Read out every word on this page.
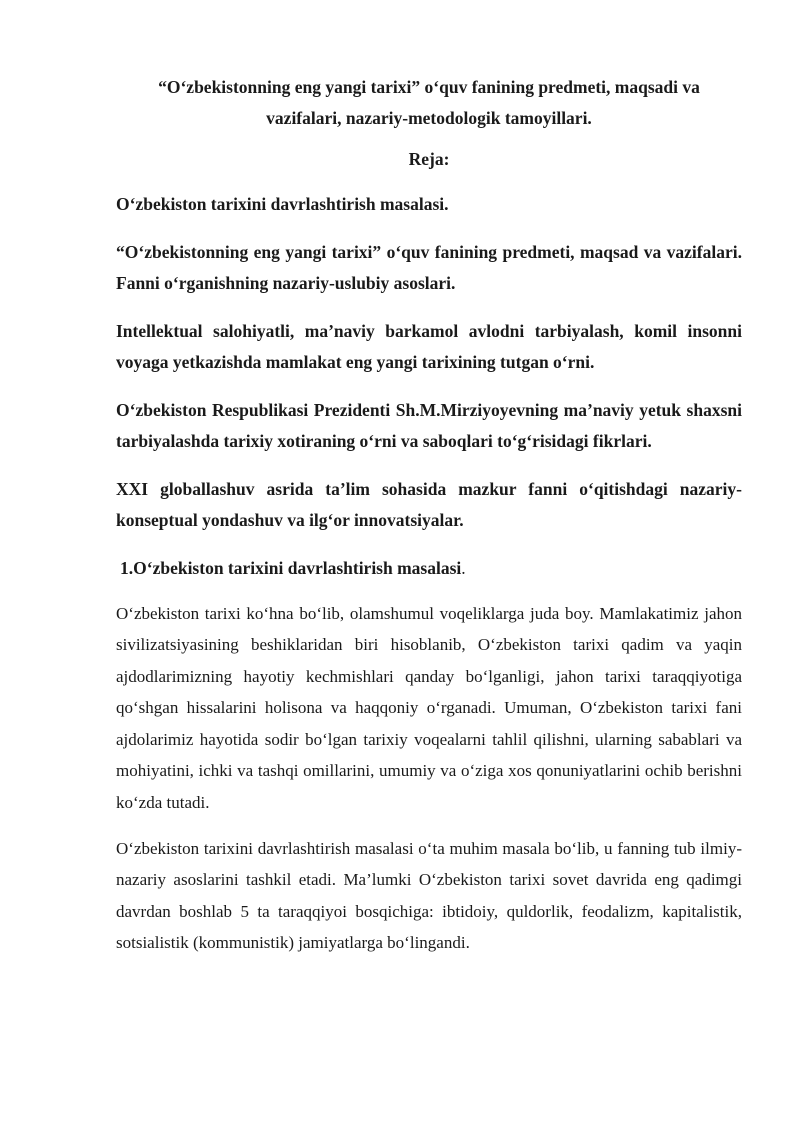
“O‘zbekistonning eng yangi tarixi” o‘quv fanining predmeti, maqsadi va
vazifalari, nazariy-metodologik tamoyillari.
Reja:

O‘zbekiston tarixini davrlashtirish masalasi.

“O‘zbekistonning eng yangi tarixi” o‘quv fanining predmeti, maqsad va vazifalari. Fanni o‘rganishning nazariy-uslubiy asoslari.

Intellektual salohiyatli, ma’naviy barkamol avlodni tarbiyalash, komil insonni voyaga yetkazishda mamlakat eng yangi tarixining tutgan o‘rni.

O‘zbekiston Respublikasi Prezidenti Sh.M.Mirziyoyevning ma’naviy yetuk shaxsni tarbiyalashda tarixiy xotiraning o‘rni va saboqlari to‘g‘risidagi fikrlari.

XXI globallashuv asrida ta’lim sohasida mazkur fanni o‘qitishdagi nazariy-konseptual yondashuv va ilg‘or innovatsiyalar.

1.O‘zbekiston tarixini davrlashtirish masalasi.

O‘zbekiston tarixi ko‘hna bo‘lib, olamshumul voqeliklarga juda boy. Mamlakatimiz jahon sivilizatsiyasining beshiklaridan biri hisoblanib, O‘zbekiston tarixi qadim va yaqin ajdodlarimizning hayotiy kechmishlari qanday bo‘lganligi, jahon tarixi taraqqiyotiga qo‘shgan hissalarini holisona va haqqoniy o‘rganadi. Umuman, O‘zbekiston tarixi fani ajdolarimiz hayotida sodir bo‘lgan tarixiy voqealarni tahlil qilishni, ularning sabablari va mohiyatini, ichki va tashqi omillarini, umumiy va o‘ziga xos qonuniyatlarini ochib berishni ko‘zda tutadi.

O‘zbekiston tarixini davrlashtirish masalasi o‘ta muhim masala bo‘lib, u fanning tub ilmiy-nazariy asoslarini tashkil etadi. Ma’lumki O‘zbekiston tarixi sovet davrida eng qadimgi davrdan boshlab 5 ta taraqqiyoi bosqichiga: ibtidoiy, quldorlik, feodalizm, kapitalistik, sotsialistik (kommunistik) jamiyatlarga bo‘lingandi.
